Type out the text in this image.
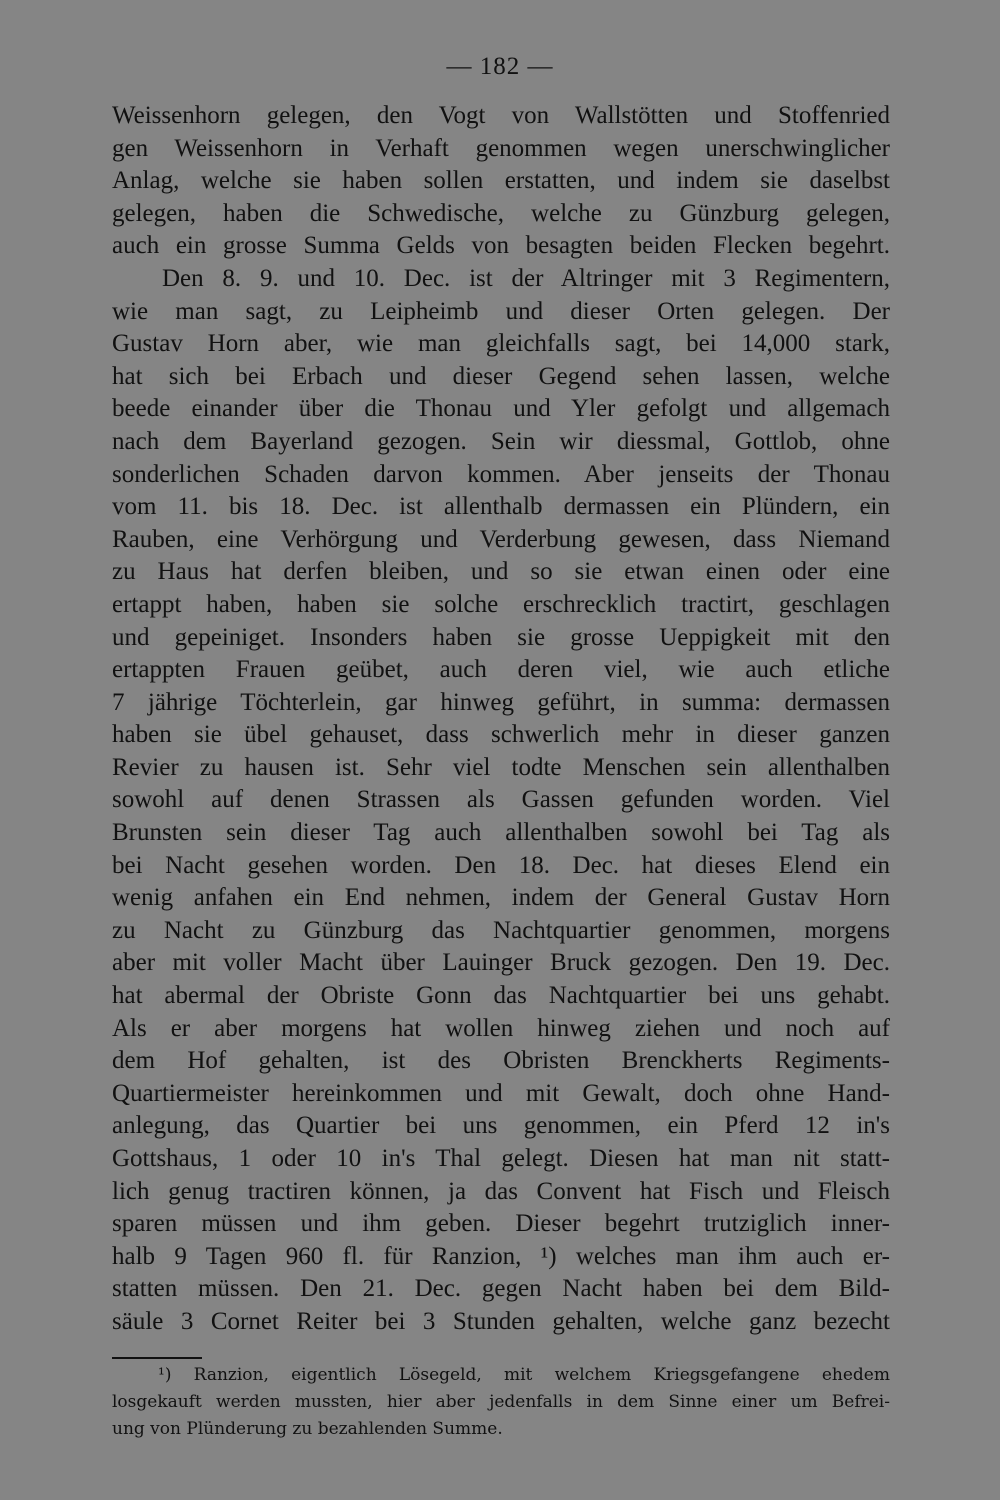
— 182 —
Weissenhorn gelegen, den Vogt von Wallstötten und Stoffenried
gen Weissenhorn in Verhaft genommen wegen unerschwinglicher
Anlag, welche sie haben sollen erstatten, und indem sie daselbst
gelegen, haben die Schwedische, welche zu Günzburg gelegen,
auch ein grosse Summa Gelds von besagten beiden Flecken begehrt.
Den 8. 9. und 10. Dec. ist der Altringer mit 3 Regimentern,
wie man sagt, zu Leipheimb und dieser Orten gelegen. Der
Gustav Horn aber, wie man gleichfalls sagt, bei 14,000 stark,
hat sich bei Erbach und dieser Gegend sehen lassen, welche
beede einander über die Thonau und Yler gefolgt und allgemach
nach dem Bayerland gezogen. Sein wir diessmal, Gottlob, ohne
sonderlichen Schaden darvon kommen. Aber jenseits der Thonau
vom 11. bis 18. Dec. ist allenthalb dermassen ein Plündern, ein
Rauben, eine Verhörgung und Verderbung gewesen, dass Niemand
zu Haus hat derfen bleiben, und so sie etwan einen oder eine
ertappt haben, haben sie solche erschrecklich tractirt, geschlagen
und gepeiniget. Insonders haben sie grosse Ueppigkeit mit den
ertappten Frauen geübet, auch deren viel, wie auch etliche
7 jährige Töchterlein, gar hinweg geführt, in summa: dermassen
haben sie übel gehauset, dass schwerlich mehr in dieser ganzen
Revier zu hausen ist. Sehr viel todte Menschen sein allenthalben
sowohl auf denen Strassen als Gassen gefunden worden. Viel
Brunsten sein dieser Tag auch allenthalben sowohl bei Tag als
bei Nacht gesehen worden. Den 18. Dec. hat dieses Elend ein
wenig anfahen ein End nehmen, indem der General Gustav Horn
zu Nacht zu Günzburg das Nachtquartier genommen, morgens
aber mit voller Macht über Lauinger Bruck gezogen. Den 19. Dec.
hat abermal der Obriste Gonn das Nachtquartier bei uns gehabt.
Als er aber morgens hat wollen hinweg ziehen und noch auf
dem Hof gehalten, ist des Obristen Brenckherts Regiments-
Quartiermeister hereinkommen und mit Gewalt, doch ohne Hand-
anlegung, das Quartier bei uns genommen, ein Pferd 12 in's
Gottshaus, 1 oder 10 in's Thal gelegt. Diesen hat man nit statt-
lich genug tractiren können, ja das Convent hat Fisch und Fleisch
sparen müssen und ihm geben. Dieser begehrt trutziglich inner-
halb 9 Tagen 960 fl. für Ranzion, ¹) welches man ihm auch er-
statten müssen. Den 21. Dec. gegen Nacht haben bei dem Bild-
säule 3 Cornet Reiter bei 3 Stunden gehalten, welche ganz bezecht
¹) Ranzion, eigentlich Lösegeld, mit welchem Kriegsgefangene ehedem
losgekauft werden mussten, hier aber jedenfalls in dem Sinne einer um Befrei-
ung von Plünderung zu bezahlenden Summe.
